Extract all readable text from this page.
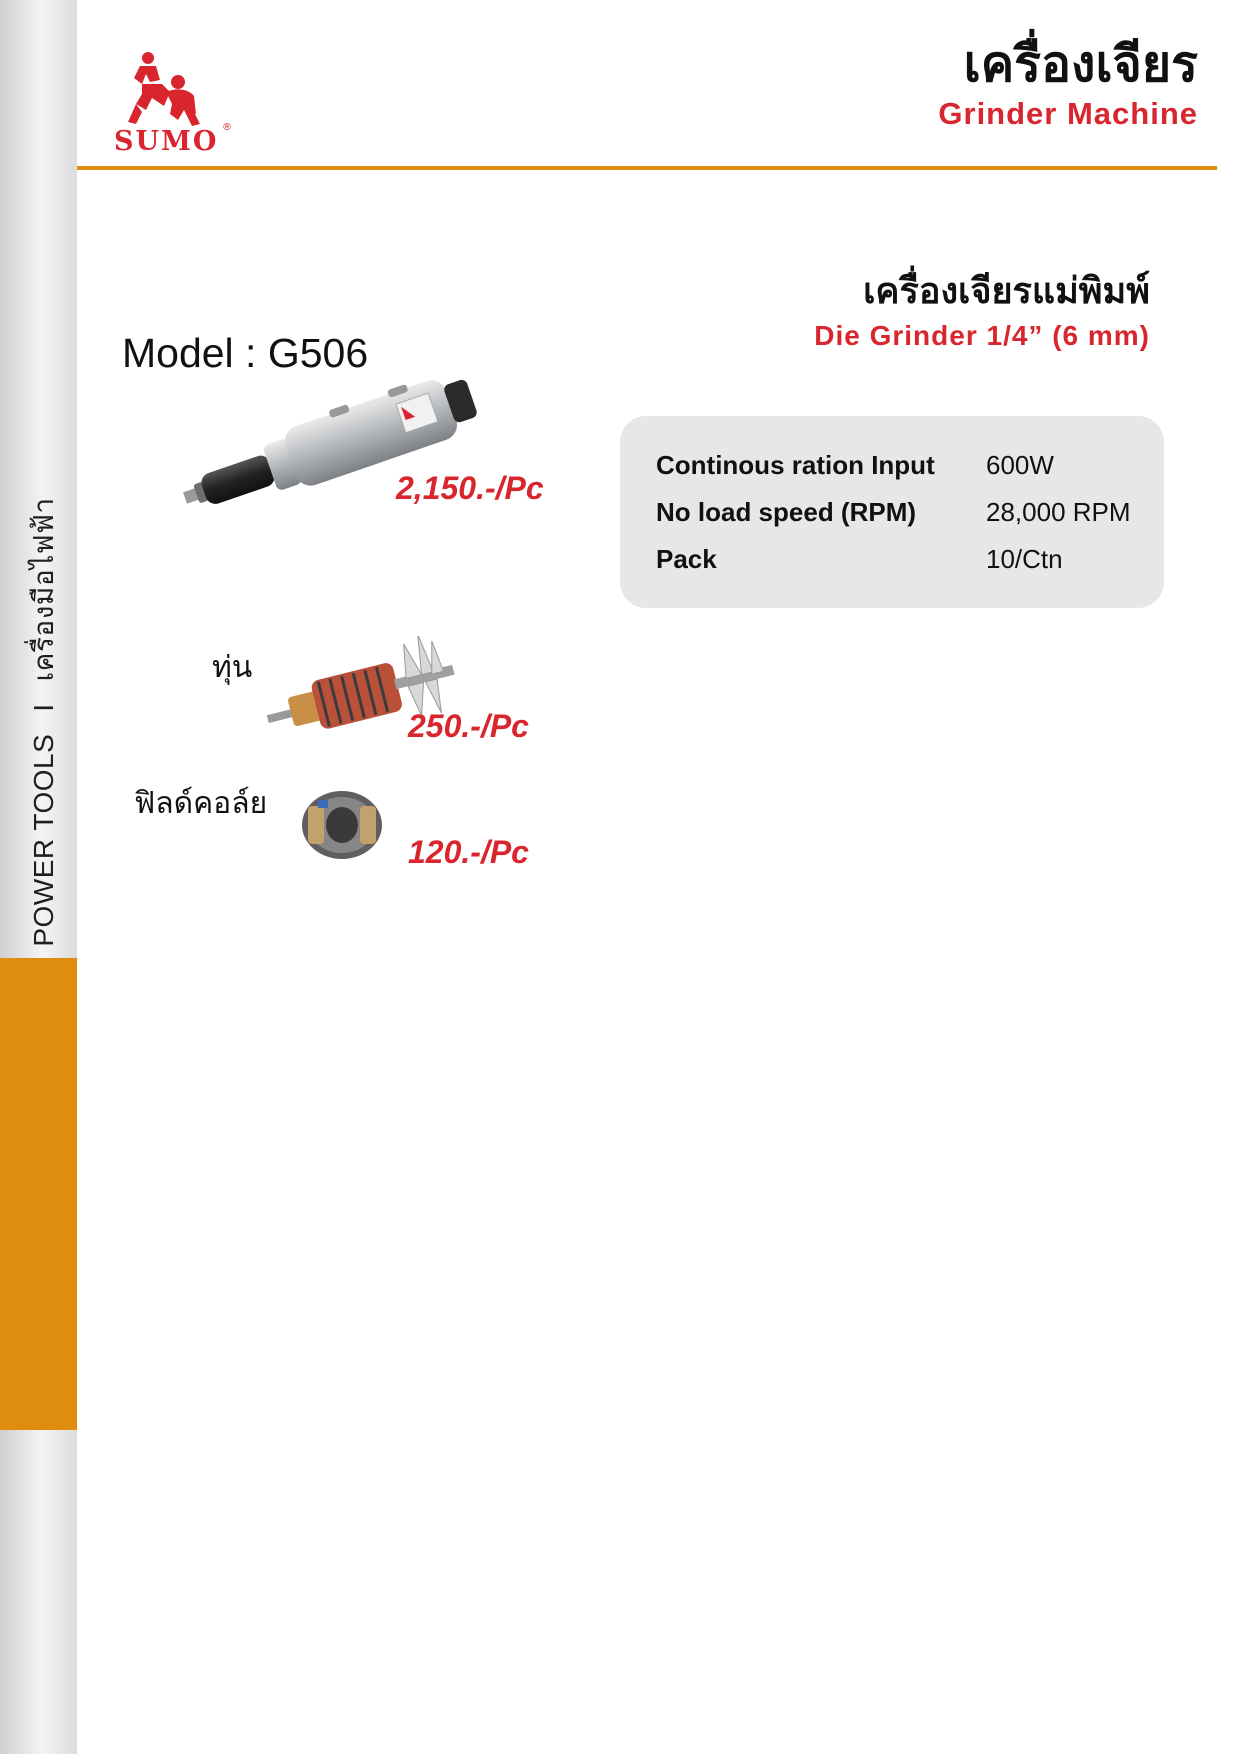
POWER TOOLSIเครื่องมือไฟฟ้า
SUMO ®
เครื่องเจียร
Grinder Machine
Model : G506
เครื่องเจียรแม่พิมพ์
Die Grinder 1/4” (6 mm)
2,150.-/Pc
Continous ration Input 600W
No load speed (RPM)	28,000 RPM
Pack	10/Ctn
ทุ่น
250.-/Pc
ฟิลด์คอล์ย
120.-/Pc
